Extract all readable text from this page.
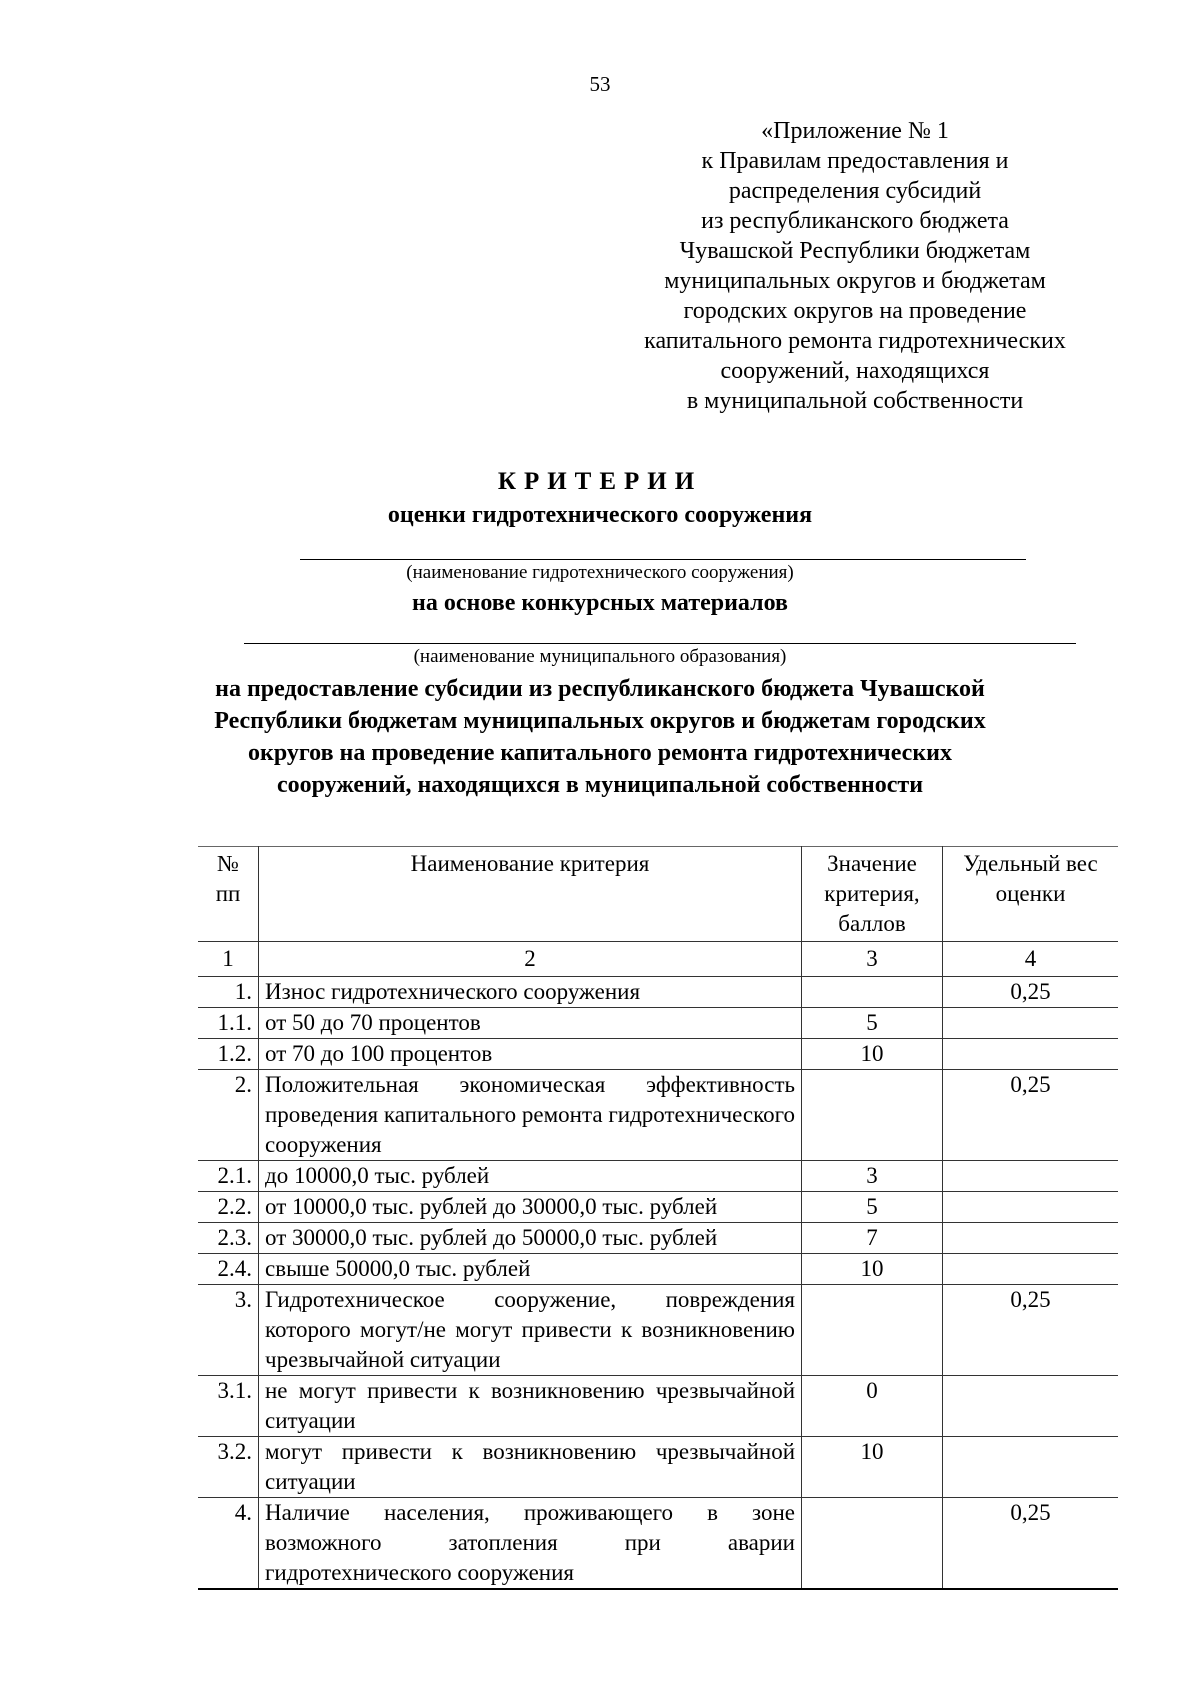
53
«Приложение № 1
к Правилам предоставления и
распределения субсидий
из республиканского бюджета
Чувашской Республики бюджетам
муниципальных округов и бюджетам
городских округов на проведение
капитального ремонта гидротехнических
сооружений, находящихся
в муниципальной собственности
КРИТЕРИИ
оценки гидротехнического сооружения
(наименование гидротехнического сооружения)
на основе конкурсных материалов
(наименование муниципального образования)
на предоставление субсидии из республиканского бюджета Чувашской
Республики бюджетам муниципальных округов и бюджетам городских
округов на проведение капитального ремонта гидротехнических
сооружений, находящихся в муниципальной собственности
№ пп	Наименование критерия	Значение критерия, баллов	Удельный вес оценки
1	2	3	4
1.	Износ гидротехнического сооружения		0,25
1.1.	от 50 до 70 процентов	5	
1.2.	от 70 до 100 процентов	10	
2.	Положительная экономическая эффективность проведения капитального ремонта гидротехнического сооружения		0,25
2.1.	до 10000,0 тыс. рублей	3	
2.2.	от 10000,0 тыс. рублей до 30000,0 тыс. рублей	5	
2.3.	от 30000,0 тыс. рублей до 50000,0 тыс. рублей	7	
2.4.	свыше 50000,0 тыс. рублей	10	
3.	Гидротехническое сооружение, повреждения которого могут/не могут привести к возникновению чрезвычайной ситуации		0,25
3.1.	не могут привести к возникновению чрезвычайной ситуации	0	
3.2.	могут привести к возникновению чрезвычайной ситуации	10	
4.	Наличие населения, проживающего в зоне возможного затопления при аварии гидротехнического сооружения		0,25
